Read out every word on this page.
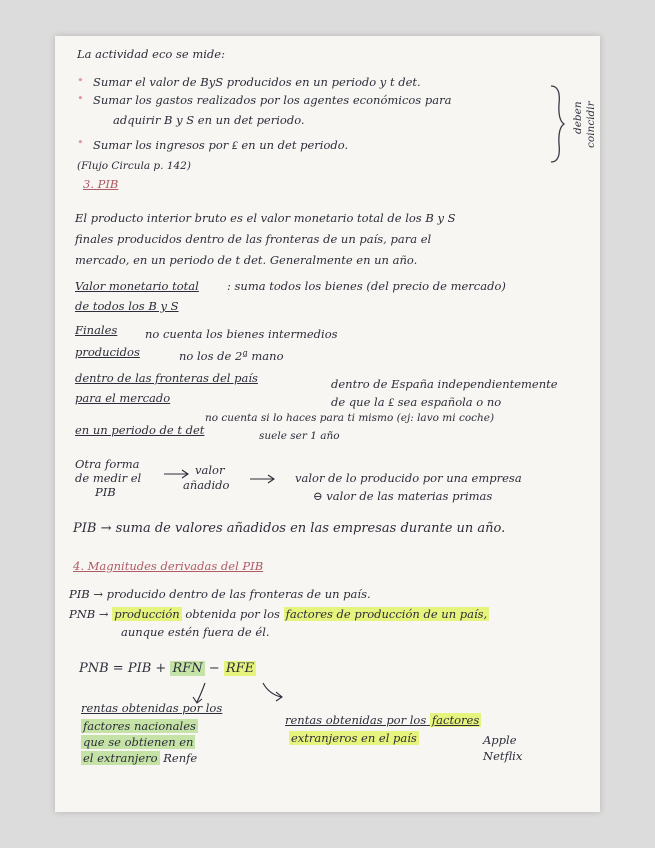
La actividad eco se mide:
• Sumar el valor de ByS producidos en un periodo y t det.
• Sumar los gastos realizados por los agentes económicos para
adquirir B y S en un det periodo.
• Sumar los ingresos por ₤ en un det periodo.
deben coincidir
(Flujo Circula p. 142)
3. PIB
El producto interior bruto es el valor monetario total de los B y S
finales producidos dentro de las fronteras de un país, para el
mercado, en un periodo de t det. Generalmente en un año.
Valor monetario total : suma todos los bienes (del precio de mercado)
de todos los B y S
Finales no cuenta los bienes intermedios
producidos	no los de 2ª mano
dentro de las fronteras del país	dentro de España independientemente
de que la ₤ sea española o no
para el mercado
no cuenta si lo haces para ti mismo (ej: lavo mi coche)
en un periodo de t det	suele ser 1 año
Otra forma
de medir el
PIB
valor
añadido	valor de lo producido por una empresa
⊖ valor de las materias primas
PIB → suma de valores añadidos en las empresas durante un año.
4. Magnitudes derivadas del PIB
PIB → producido dentro de las fronteras de un país.
PNB → producción obtenida por los factores de producción de un país,
aunque estén fuera de él.
PNB = PIB + RFN − RFE
rentas obtenidas por los
factores nacionales
que se obtienen en
el extranjero Renfe
rentas obtenidas por los factores
extranjeros en el país	Apple
Netflix
